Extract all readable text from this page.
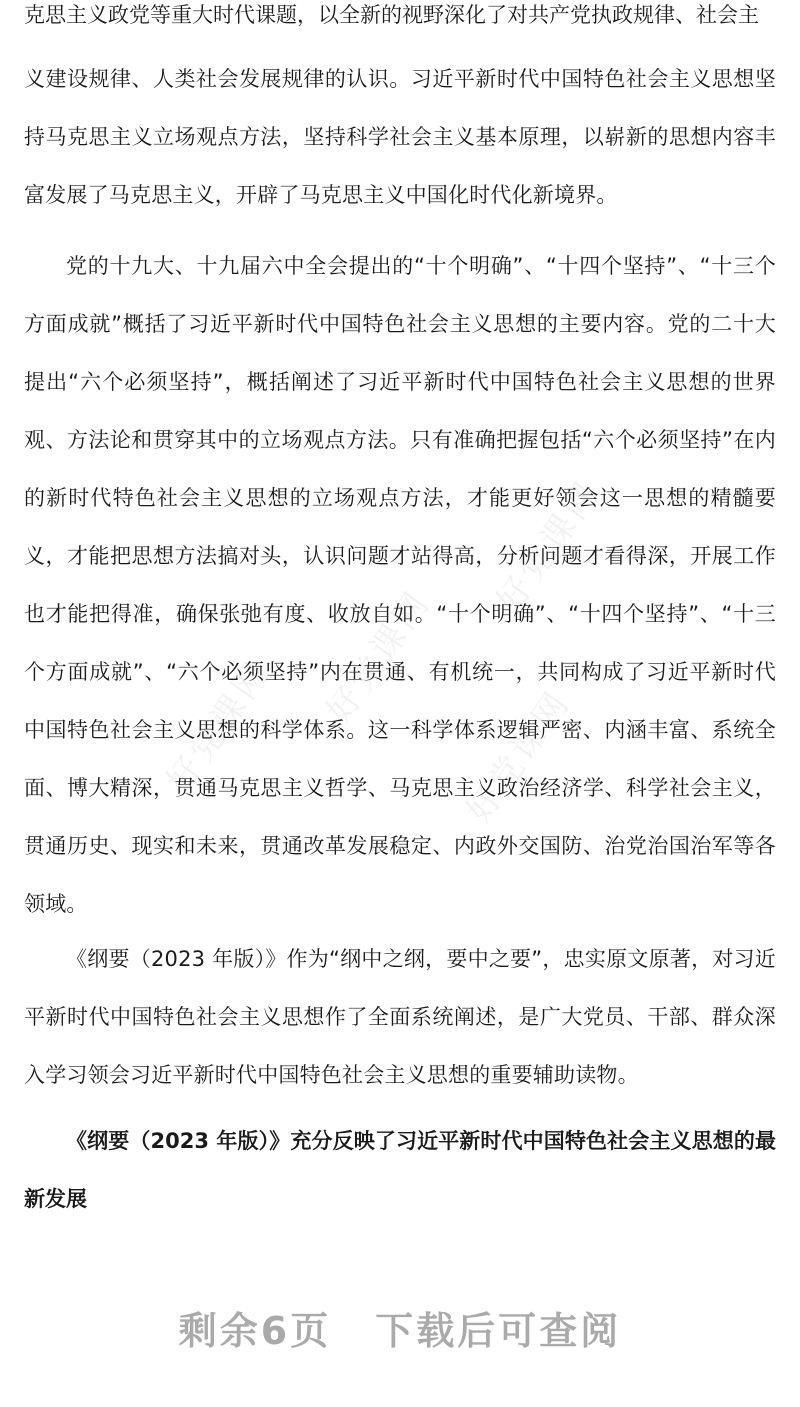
克思主义政党等重大时代课题，以全新的视野深化了对共产党执政规律、社会主

义建设规律、人类社会发展规律的认识。习近平新时代中国特色社会主义思想坚持马克思主义立场观点方法，坚持科学社会主义基本原理，以崭新的思想内容丰富发展了马克思主义，开辟了马克思主义中国化时代化新境界。

党的十九大、十九届六中全会提出的“十个明确”、“十四个坚持”、“十三个方面成就”概括了习近平新时代中国特色社会主义思想的主要内容。党的二十大提出“六个必须坚持”，概括阐述了习近平新时代中国特色社会主义思想的世界观、方法论和贯穿其中的立场观点方法。只有准确把握包括“六个必须坚持”在内的新时代特色社会主义思想的立场观点方法，才能更好领会这一思想的精髓要义，才能把思想方法搞对头，认识问题才站得高，分析问题才看得深，开展工作也才能把得准，确保张弛有度、收放自如。“十个明确”、“十四个坚持”、“十三个方面成就”、“六个必须坚持”内在贯通、有机统一，共同构成了习近平新时代中国特色社会主义思想的科学体系。这一科学体系逻辑严密、内涵丰富、系统全面、博大精深，贯通马克思主义哲学、马克思主义政治经济学、科学社会主义，贯通历史、现实和未来，贯通改革发展稳定、内政外交国防、治党治国治军等各领域。

《纲要（2023 年版）》作为“纲中之纲，要中之要”，忠实原文原著，对习近平新时代中国特色社会主义思想作了全面系统阐述，是广大党员、干部、群众深入学习领会习近平新时代中国特色社会主义思想的重要辅助读物。

《纲要（2023 年版）》充分反映了习近平新时代中国特色社会主义思想的最新发展

好党课网 好党课网
好党课网
好党课网
剩余6页 下载后可查阅
